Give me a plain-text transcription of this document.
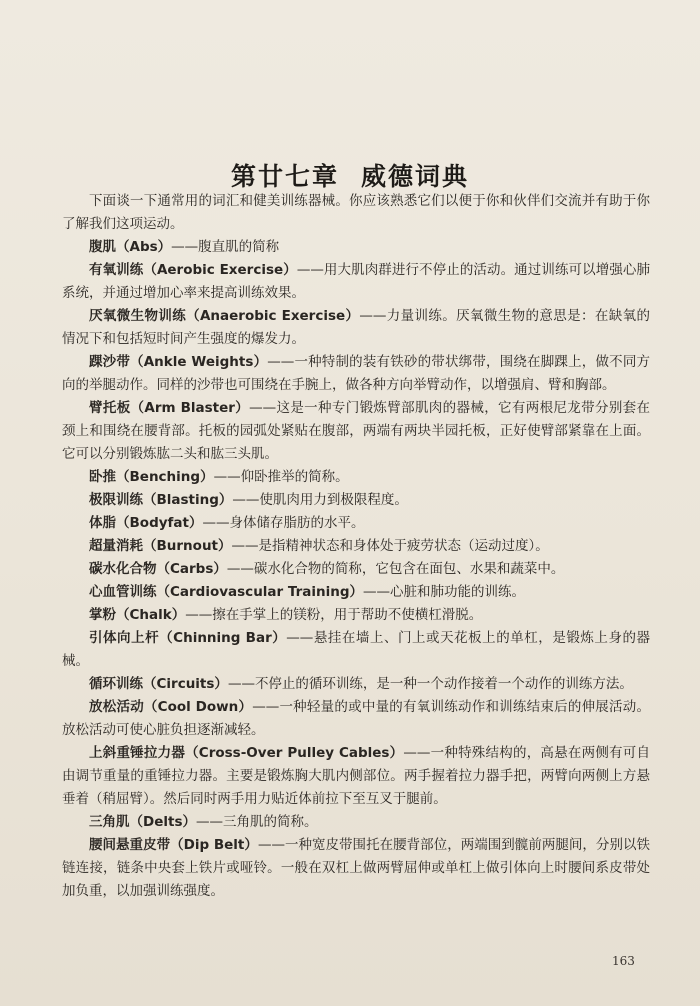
第廿七章 威德词典

下面谈一下通常用的词汇和健美训练器械。你应该熟悉它们以便于你和伙伴们交流并有助于你了解我们这项运动。

腹肌（Abs）——腹直肌的简称

有氧训练（Aerobic Exercise）——用大肌肉群进行不停止的活动。通过训练可以增强心肺系统，并通过增加心率来提高训练效果。

厌氧微生物训练（Anaerobic Exercise）——力量训练。厌氧微生物的意思是：在缺氧的情况下和包括短时间产生强度的爆发力。

踝沙带（Ankle Weights）——一种特制的装有铁砂的带状绑带，围绕在脚踝上，做不同方向的举腿动作。同样的沙带也可围绕在手腕上，做各种方向举臂动作，以增强肩、臂和胸部。

臂托板（Arm Blaster）——这是一种专门锻炼臂部肌肉的器械，它有两根尼龙带分别套在颈上和围绕在腰背部。托板的园弧处紧贴在腹部，两端有两块半园托板，正好使臂部紧靠在上面。它可以分别锻炼肱二头和肱三头肌。

卧推（Benching）——仰卧推举的简称。

极限训练（Blasting）——使肌肉用力到极限程度。

体脂（Bodyfat）——身体储存脂肪的水平。

超量消耗（Burnout）——是指精神状态和身体处于疲劳状态（运动过度）。

碳水化合物（Carbs）——碳水化合物的简称，它包含在面包、水果和蔬菜中。

心血管训练（Cardiovascular Training）——心脏和肺功能的训练。

掌粉（Chalk）——擦在手掌上的镁粉，用于帮助不使横杠滑脱。

引体向上杆（Chinning Bar）——悬挂在墙上、门上或天花板上的单杠，是锻炼上身的器械。

循环训练（Circuits）——不停止的循环训练，是一种一个动作接着一个动作的训练方法。

放松活动（Cool Down）——一种轻量的或中量的有氧训练动作和训练结束后的伸展活动。放松活动可使心脏负担逐渐减轻。

上斜重锤拉力器（Cross-Over Pulley Cables）——一种特殊结构的，高悬在两侧有可自由调节重量的重锤拉力器。主要是锻炼胸大肌内侧部位。两手握着拉力器手把，两臂向两侧上方悬垂着（稍屈臂）。然后同时两手用力贴近体前拉下至互叉于腿前。

三角肌（Delts）——三角肌的简称。

腰间悬重皮带（Dip Belt）——一种宽皮带围托在腰背部位，两端围到髋前两腿间，分别以铁链连接，链条中央套上铁片或哑铃。一般在双杠上做两臂屈伸或单杠上做引体向上时腰间系皮带处加负重，以加强训练强度。

163
